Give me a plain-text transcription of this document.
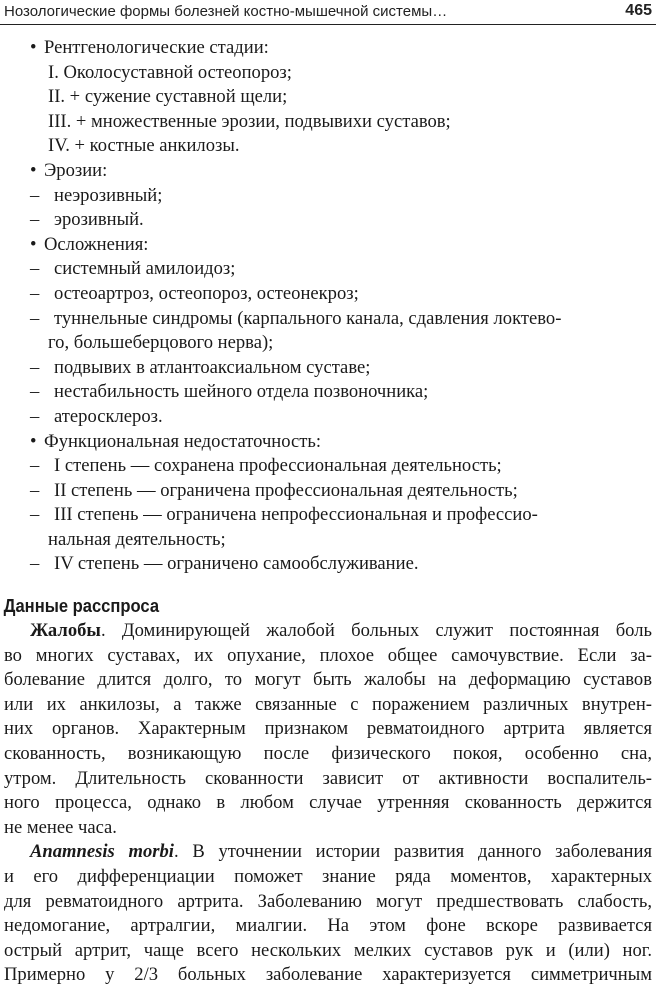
Нозологические формы болезней костно-мышечной системы…	465
• Рентгенологические стадии:
I. Околосуставной остеопороз;
II. + сужение суставной щели;
III. + множественные эрозии, подвывихи суставов;
IV. + костные анкилозы.
• Эрозии:
– неэрозивный;
– эрозивный.
• Осложнения:
– системный амилоидоз;
– остеоартроз, остеопороз, остеонекроз;
– туннельные синдромы (карпального канала, сдавления локтево-
го, большеберцового нерва);
– подвывих в атлантоаксиальном суставе;
– нестабильность шейного отдела позвоночника;
– атеросклероз.
• Функциональная недостаточность:
– I степень — сохранена профессиональная деятельность;
– II степень — ограничена профессиональная деятельность;
– III степень — ограничена непрофессиональная и профессио-
нальная деятельность;
– IV степень — ограничено самообслуживание.
Данные расспроса
Жалобы. Доминирующей жалобой больных служит постоянная боль
во многих суставах, их опухание, плохое общее самочувствие. Если за-
болевание длится долго, то могут быть жалобы на деформацию суставов
или их анкилозы, а также связанные с поражением различных внутрен-
них органов. Характерным признаком ревматоидного артрита является
скованность, возникающую после физического покоя, особенно сна,
утром. Длительность скованности зависит от активности воспалитель-
ного процесса, однако в любом случае утренняя скованность держится
не менее часа.
Anamnesis morbi. В уточнении истории развития данного заболевания
и его дифференциации поможет знание ряда моментов, характерных
для ревматоидного артрита. Заболеванию могут предшествовать слабость,
недомогание, артралгии, миалгии. На этом фоне вскоре развивается
острый артрит, чаще всего нескольких мелких суставов рук и (или) ног.
Примерно у 2/3 больных заболевание характеризуется симметричным
